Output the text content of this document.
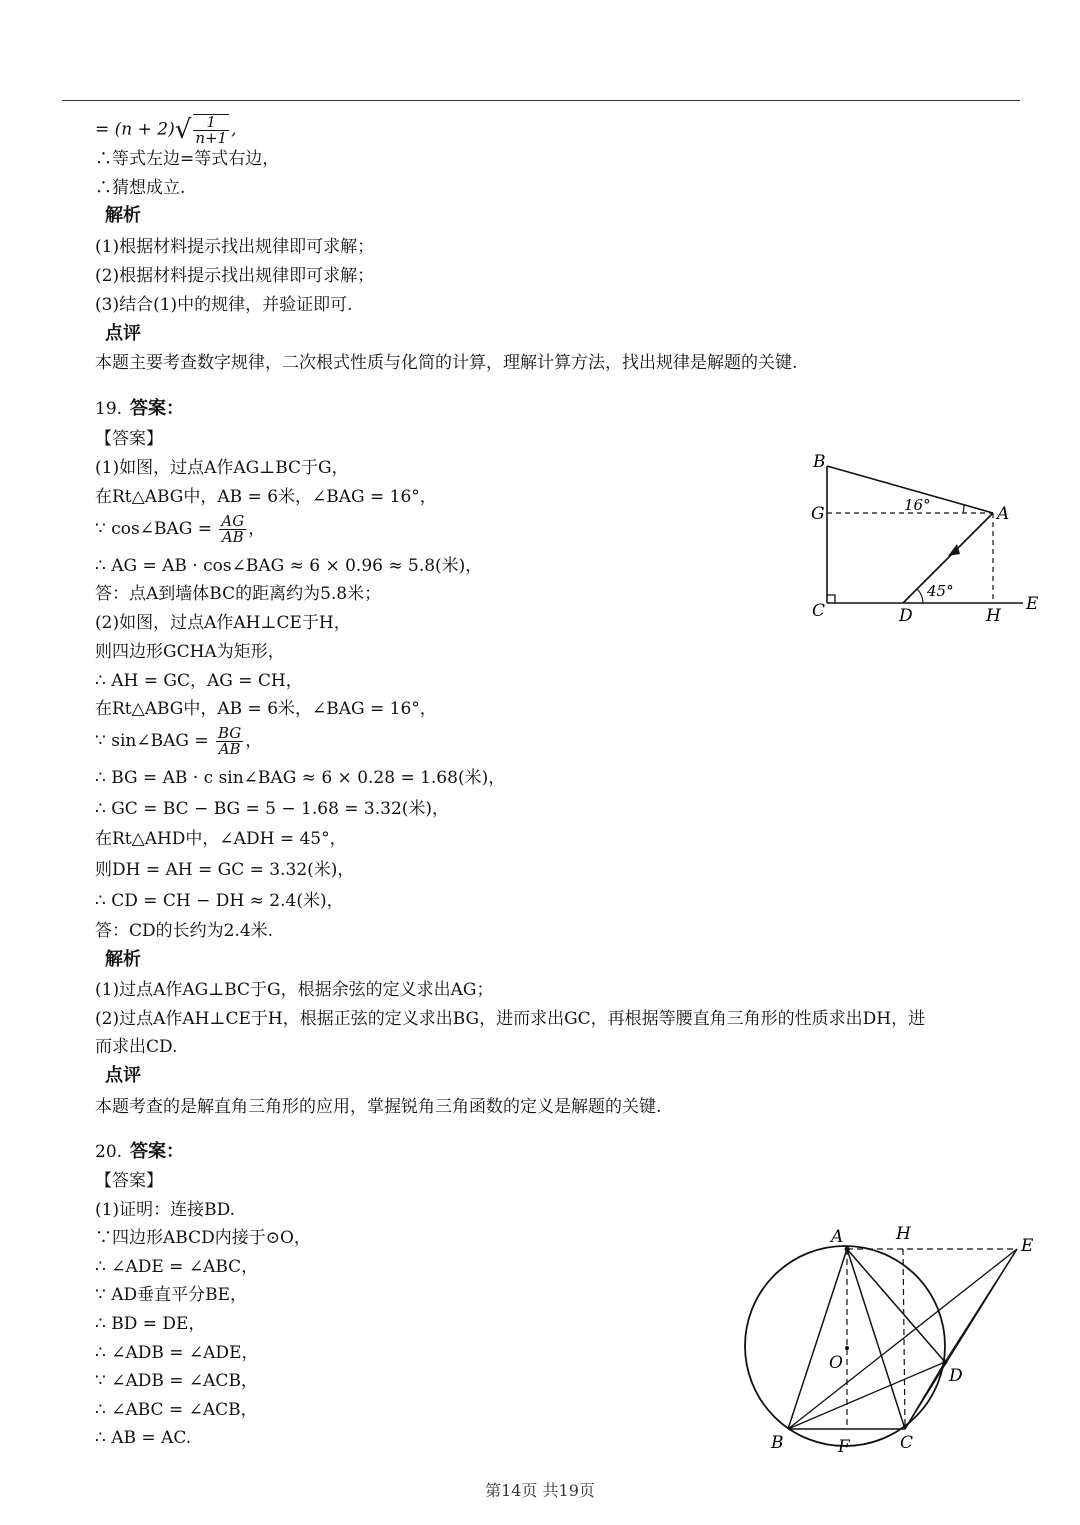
= $(n + 2)√ \frac{1}{n+1}$ ,
∴等式左边=等式右边，
∴猜想成立.
解析
(1)根据材料提示找出规律即可求解；
(2)根据材料提示找出规律即可求解；
(3)结合(1)中的规律，并验证即可.
点评
本题主要考查数字规律，二次根式性质与化简的计算，理解计算方法，找出规律是解题的关键.
19. 答案：
【答案】
(1)如图，过点A作AG⊥BC于G，
在Rt△ABG中，AB = 6米，∠BAG = 16°，
∵ cos∠BAG = $\frac{AG}{AB}$ ，
∴ AG = AB · cos∠BAG ≈ 6 × 0.96 ≈ 5.8(米)，
答：点A到墙体BC的距离约为5.8米；
(2)如图，过点A作AH⊥CE于H，
则四边形GCHA为矩形，
∴ AH = GC，AG = CH，
在Rt△ABG中，AB = 6米，∠BAG = 16°，
∵ sin∠BAG = $\frac{BG}{AB}$ ，
∴ BG = AB · c sin∠BAG ≈ 6 × 0.28 = 1.68(米)，
∴ GC = BC − BG = 5 − 1.68 = 3.32(米)，
在Rt△AHD中，∠ADH = 45°，
则DH = AH = GC = 3.32(米)，
∴ CD = CH − DH ≈ 2.4(米)，
答：CD的长约为2.4米.
解析
(1)过点A作AG⊥BC于G，根据余弦的定义求出AG；
(2)过点A作AH⊥CE于H，根据正弦的定义求出BG，进而求出GC，再根据等腰直角三角形的性质求出DH，进
而求出CD.
点评
本题考查的是解直角三角形的应用，掌握锐角三角函数的定义是解题的关键.
B
G	A
C	D	H
E
16°
45°
20. 答案：
【答案】
(1)证明：连接BD.
∵四边形ABCD内接于⊙O，
∴ ∠ADE = ∠ABC，
∵ AD垂直平分BE，
∴ BD = DE，
∴ ∠ADB = ∠ADE，
∵ ∠ADB = ∠ACB，
∴ ∠ABC = ∠ACB，
∴ AB = AC.
A	H
E
O
D
B	F	C
第14页 共19页
